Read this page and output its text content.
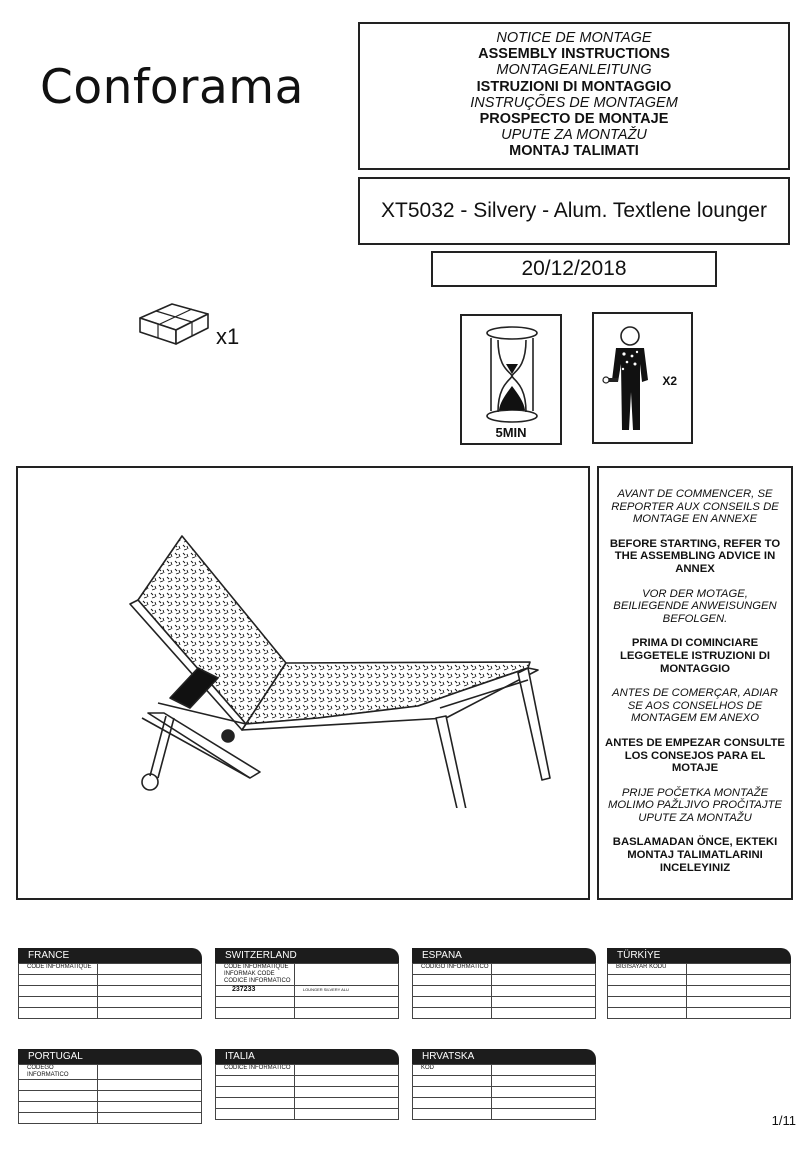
Conforama
NOTICE DE MONTAGE
ASSEMBLY INSTRUCTIONS
MONTAGEANLEITUNG
ISTRUZIONI DI MONTAGGIO
INSTRUÇÕES DE MONTAGEM
PROSPECTO DE MONTAJE
UPUTE ZA MONTAŽU
MONTAJ TALIMATI
XT5032 - Silvery - Alum. Textlene lounger
20/12/2018
x1
5MIN
X2

AVANT DE COMMENCER, SE REPORTER AUX CONSEILS DE MONTAGE EN ANNEXE

BEFORE STARTING, REFER TO THE ASSEMBLING ADVICE IN ANNEX

VOR DER MOTAGE, BEILIEGENDE ANWEISUNGEN BEFOLGEN.

PRIMA DI COMINCIARE LEGGETELE ISTRUZIONI DI MONTAGGIO

ANTES DE COMERÇAR, ADIAR SE AOS CONSELHOS DE MONTAGEM EM ANEXO

ANTES DE EMPEZAR CONSULTE LOS CONSEJOS PARA EL MOTAJE

PRIJE POČETKA MONTAŽE MOLIMO PAŽLJIVO PROČITAJTE UPUTE ZA MONTAŽU

BASLAMADAN ÖNCE, EKTEKI MONTAJ TALIMATLARINI INCELEYINIZ

FRANCE
CODE INFORMATIQUE	

SWITZERLAND
CODE INFORMATIQUE
INFORMAK CODE
CODICE INFORMATICO	

237233	LOUNGER SILVERY ALU

ESPANA
CODIGO INFORMATICO	

TÜRKİYE
BİGİSAYAR KODU	

PORTUGAL
CODEGO INFORMATICO	

ITALIA
CODICE INFORMATICO	

HRVATSKA
KOD	

1/11
